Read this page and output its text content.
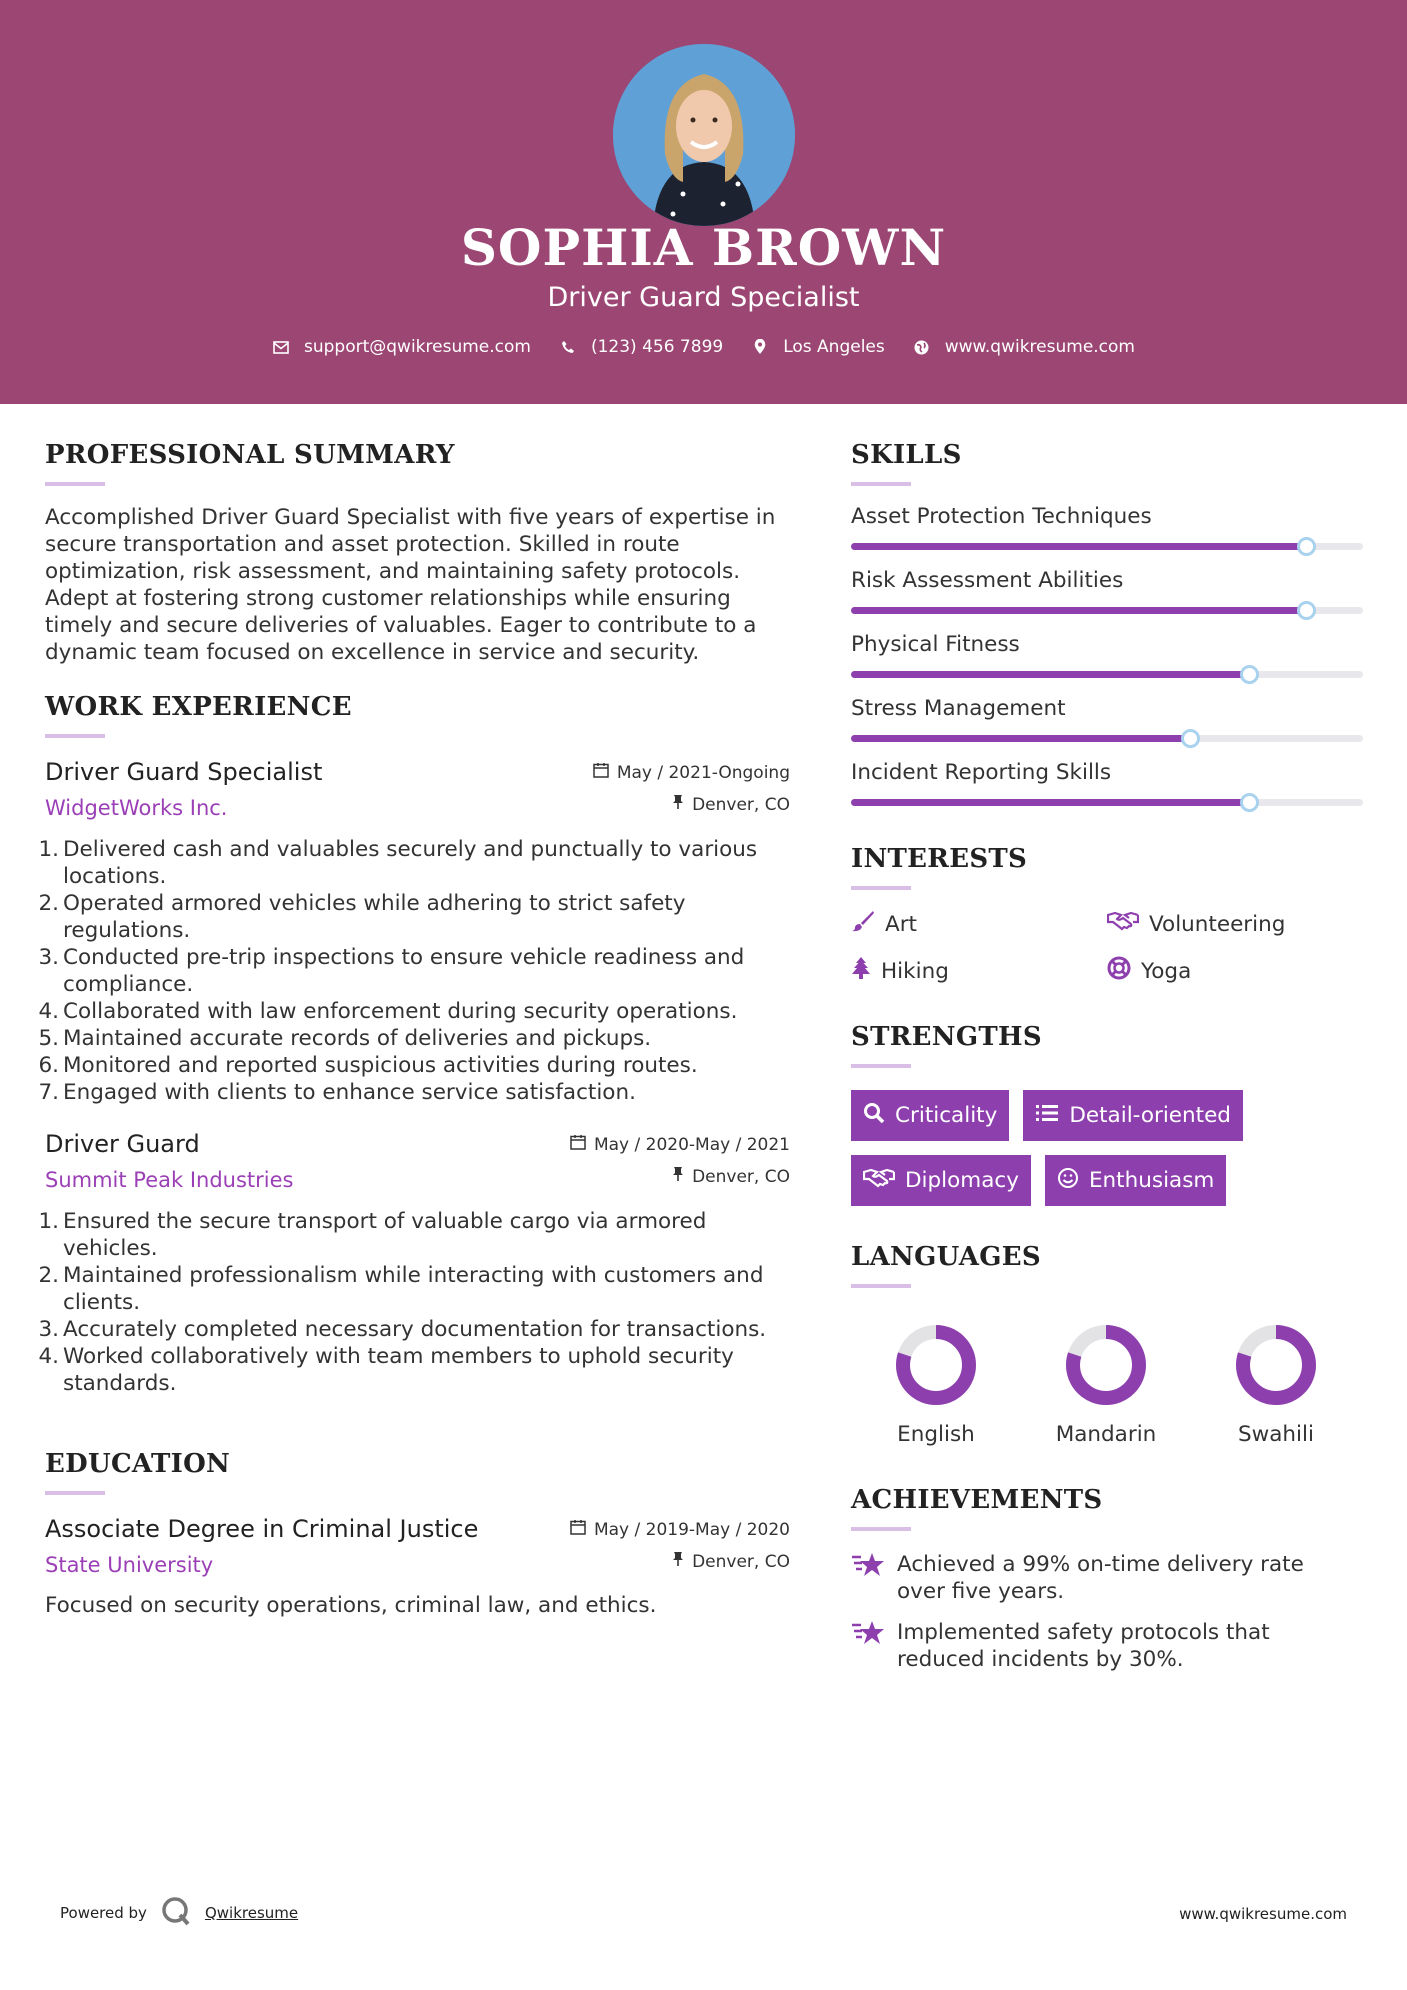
SOPHIA BROWN
Driver Guard Specialist
support@qwikresume.com	(123) 456 7899	Los Angeles	www.qwikresume.com
PROFESSIONAL SUMMARY
Accomplished Driver Guard Specialist with five years of expertise in secure transportation and asset protection. Skilled in route optimization, risk assessment, and maintaining safety protocols. Adept at fostering strong customer relationships while ensuring timely and secure deliveries of valuables. Eager to contribute to a dynamic team focused on excellence in service and security.
WORK EXPERIENCE
Driver Guard Specialist
WidgetWorks Inc.
May / 2021-Ongoing
Denver, CO
1. Delivered cash and valuables securely and punctually to various locations.
2. Operated armored vehicles while adhering to strict safety regulations.
3. Conducted pre-trip inspections to ensure vehicle readiness and compliance.
4. Collaborated with law enforcement during security operations.
5. Maintained accurate records of deliveries and pickups.
6. Monitored and reported suspicious activities during routes.
7. Engaged with clients to enhance service satisfaction.
Driver Guard
Summit Peak Industries
May / 2020-May / 2021
Denver, CO
1. Ensured the secure transport of valuable cargo via armored vehicles.
2. Maintained professionalism while interacting with customers and clients.
3. Accurately completed necessary documentation for transactions.
4. Worked collaboratively with team members to uphold security standards.
EDUCATION
Associate Degree in Criminal Justice
State University
May / 2019-May / 2020
Denver, CO
Focused on security operations, criminal law, and ethics.
SKILLS
Asset Protection Techniques
Risk Assessment Abilities
Physical Fitness
Stress Management
Incident Reporting Skills
INTERESTS
Art	Volunteering
Hiking	Yoga
STRENGTHS
Criticality	Detail-oriented
Diplomacy	Enthusiasm
LANGUAGES
English	Mandarin	Swahili
ACHIEVEMENTS
Achieved a 99% on-time delivery rate over five years.
Implemented safety protocols that reduced incidents by 30%.
Powered by	Qwikresume	www.qwikresume.com
